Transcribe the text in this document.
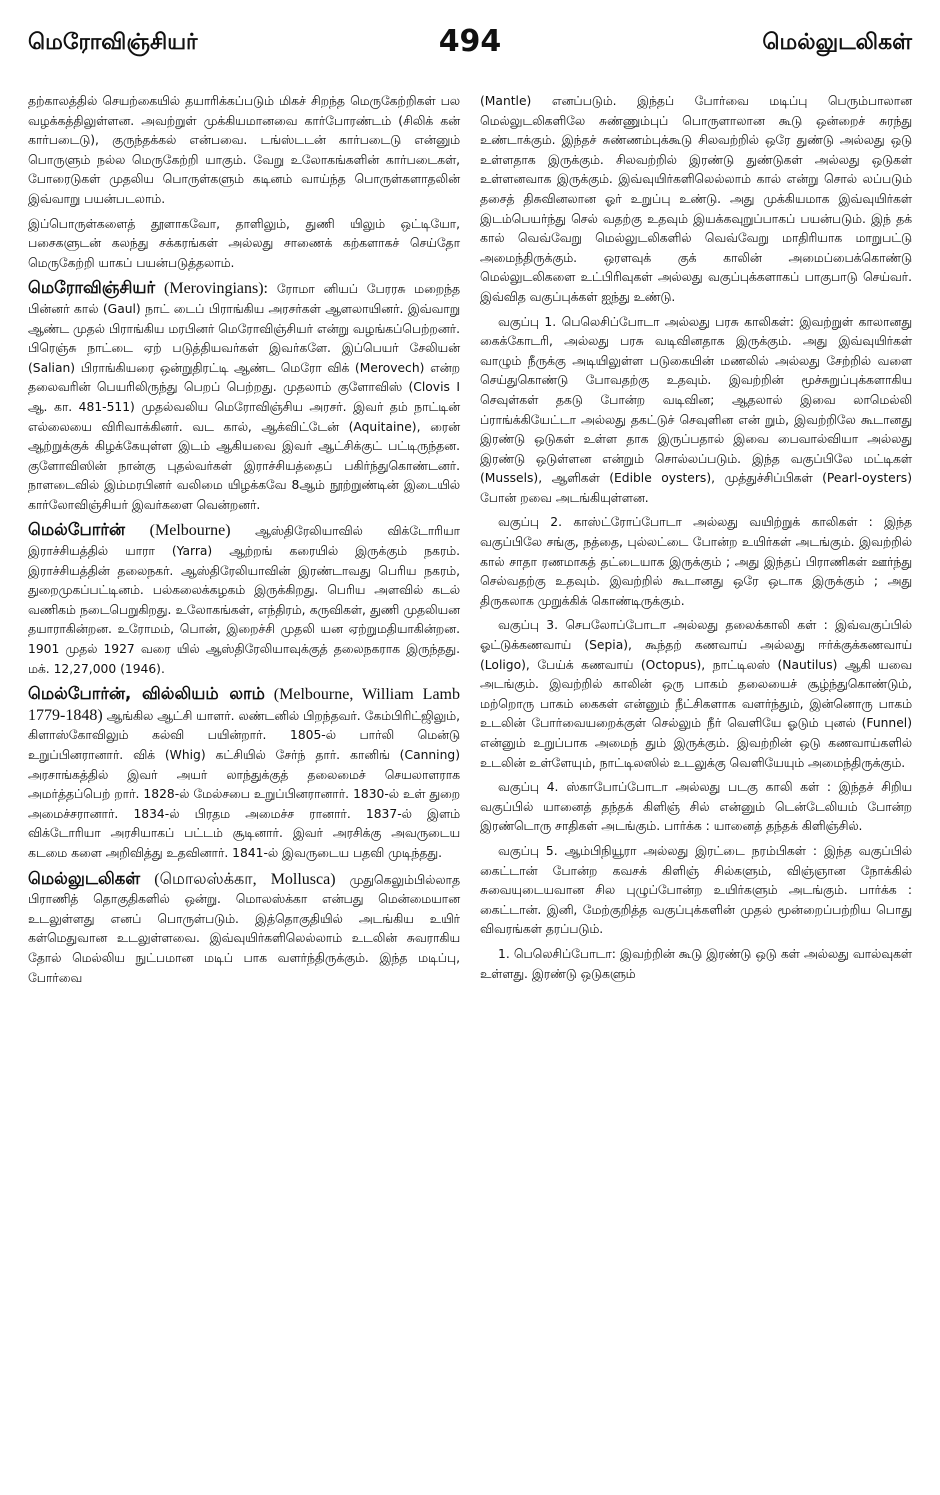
மெரோவிஞ்சியர்	494	மெல்லுடலிகள்

தற்காலத்தில் செயற்கையில் தயாரிக்கப்படும் மிகச் சிறந்த மெருகேற்றிகள் பல வழக்கத்திலுள்ளன. அவற்றுள் முக்கியமானவை கார்போரண்டம் (சிலிக் கன் கார்படைடு), குருந்தக்கல் என்பவை. டங்ஸ்டடன் கார்படைடு என்னும் பொருளும் நல்ல மெருகேற்றி யாகும். வேறு உலோகங்களின் கார்படைகள், போரைடுகள் முதலிய பொருள்களும் கடினம் வாய்ந்த பொருள்களாதலின் இவ்வாறு பயன்படலாம்.

இப்பொருள்களைத் தூளாகவோ, தாளிலும், துணி யிலும் ஒட்டியோ, பசைகளுடன் கலந்து சக்கரங்கள் அல்லது சாணைக் கற்களாகச் செய்தோ மெருகேற்றி யாகப் பயன்படுத்தலாம்.

மெரோவிஞ்சியர் (Merovingians): ரோமா னியப் பேரரசு மறைந்த பின்னர் கால் (Gaul) நாட் டைப் பிராங்கிய அரசர்கள் ஆளலாயினர். இவ்வாறு ஆண்ட முதல் பிராங்கிய மரபினர் மெரோவிஞ்சியர் என்று வழங்கப்பெற்றனர். பிரெஞ்சு நாட்டை ஏற் படுத்தியவர்கள் இவர்களே. இப்பெயர் சேலியன் (Salian) பிராங்கியரை ஒன்றுதிரட்டி ஆண்ட மெரோ விக் (Merovech) என்ற தலைவரின் பெயரிலிருந்து பெறப் பெற்றது. முதலாம் குளோவிஸ் (Clovis I ஆ. கா. 481-511) முதல்வலிய மெரோவிஞ்சிய அரசர். இவர் தம் நாட்டின் எல்லையை விரிவாக்கினர். வட கால், ஆக்விட்டேன் (Aquitaine), ரைன் ஆற்றுக்குக் கிழக்கேயுள்ள இடம் ஆகியவை இவர் ஆட்சிக்குட் பட்டிருந்தன. குளோவிஸின் நான்கு புதல்வர்கள் இராச்சியத்தைப் பகிர்ந்துகொண்டனர். நாளடைவில் இம்மரபினர் வலிமை யிழக்கவே 8ஆம் நூற்றுண்டின் இடையில் கார்லோவிஞ்சியர் இவர்களை வென்றனர்.

மெல்போர்ன் (Melbourne) ஆஸ்திரேலியாவில் விக்டோரியா இராச்சியத்தில் யாரா (Yarra) ஆற்றங் கரையில் இருக்கும் நகரம். இராச்சியத்தின் தலைநகர். ஆஸ்திரேலியாவின் இரண்டாவது பெரிய நகரம், துறைமுகப்பட்டினம். பல்கலைக்கழகம் இருக்கிறது. பெரிய அளவில் கடல் வணிகம் நடைபெறுகிறது. உலோகங்கள், எந்திரம், கருவிகள், துணி முதலியன தயாராகின்றன. உரோமம், பொன், இறைச்சி முதலி யன ஏற்றுமதியாகின்றன. 1901 முதல் 1927 வரை யில் ஆஸ்திரேலியாவுக்குத் தலைநகராக இருந்தது. மக். 12,27,000 (1946).

மெல்போர்ன், வில்லியம் லாம் (Melbourne, William Lamb 1779-1848) ஆங்கில ஆட்சி யாளர். லண்டனில் பிறந்தவர். கேம்பிரிட்ஜிலும், கிளாஸ்கோவிலும் கல்வி பயின்றார். 1805-ல் பார்லி மென்டு உறுப்பினரானார். விக் (Whig) கட்சியில் சேர்ந் தார். கானிங் (Canning) அரசாங்கத்தில் இவர் அயர் லாந்துக்குத் தலைமைச் செயலாளராக அமர்த்தப்பெற் றார். 1828-ல் மேல்சபை உறுப்பினரானார். 1830-ல் உள் துறை அமைச்சரானார். 1834-ல் பிரதம அமைச்ச ரானார். 1837-ல் இளம் விக்டோரியா அரசியாகப் பட்டம் சூடினார். இவர் அரசிக்கு அவருடைய கடமை களை அறிவித்து உதவினார். 1841-ல் இவருடைய பதவி முடிந்தது.

மெல்லுடலிகள் (மொலஸ்க்கா, Mollusca) முதுகெலும்பில்லாத பிராணித் தொகுதிகளில் ஒன்று. மொலஸ்க்கா என்பது மென்மையான உடலுள்ளது எனப் பொருள்படும். இத்தொகுதியில் அடங்கிய உயிர் கள்மெதுவான உடலுள்ளவை. இவ்வுயிர்களிலெல்லாம் உடலின் சுவராகிய தோல் மெல்லிய நுட்பமான மடிப் பாக வளர்ந்திருக்கும். இந்த மடிப்பு, போர்வை

(Mantle) எனப்படும். இந்தப் போர்வை மடிப்பு பெரும்பாலான மெல்லுடலிகளிலே சுண்ணும்புப் பொருளாலான கூடு ஒன்றைச் சுரந்து உண்டாக்கும். இந்தச் சுண்ணம்புக்கூடு சிலவற்றில் ஒரே துண்டு அல்லது ஒடு உள்ளதாக இருக்கும். சிலவற்றில் இரண்டு துண்டுகள் அல்லது ஒடுகள் உள்ளனவாக இருக்கும். இவ்வுயிர்களிலெல்லாம் கால் என்று சொல் லப்படும் தசைத் திசுவினலான ஓர் உறுப்பு உண்டு. அது முக்கியமாக இவ்வுயிர்கள் இடம்பெயர்ந்து செல் வதற்கு உதவும் இயக்கவுறுப்பாகப் பயன்படும். இந் தக் கால் வெவ்வேறு மெல்லுடலிகளில் வெவ்வேறு மாதிரியாக மாறுபட்டு அமைந்திருக்கும். ஒரளவுக் குக் காலின் அமைப்பைக்கொண்டு மெல்லுடலிகளை உட்பிரிவுகள் அல்லது வகுப்புக்களாகப் பாகுபாடு செய்வர். இவ்வித வகுப்புக்கள் ஐந்து உண்டு.

வகுப்பு 1. பெலெசிப்போடா அல்லது பரசு காலிகள்: இவற்றுள் காலானது கைக்கோடரி, அல்லது பரசு வடிவினதாக இருக்கும். அது இவ்வுயிர்கள் வாழும் நீருக்கு அடியிலுள்ள படுகையின் மணலில் அல்லது சேற்றில் வளை செய்துகொண்டு போவதற்கு உதவும். இவற்றின் மூச்சுறுப்புக்களாகிய செவுள்கள் தகடு போன்ற வடிவின; ஆதலால் இவை லாமெல்லி ப்ராங்க்கியேட்டா அல்லது தகட்டுச் செவுளின என் றும், இவற்றிலே கூடானது இரண்டு ஒடுகள் உள்ள தாக இருப்பதால் இவை பைவால்வியா அல்லது இரண்டு ஒடுள்ளன என்றும் சொல்லப்படும். இந்த வகுப்பிலே மட்டிகள் (Mussels), ஆளிகள் (Edible oysters), முத்துச்சிப்பிகள் (Pearl-oysters) போன் றவை அடங்கியுள்ளன.

வகுப்பு 2. காஸ்ட்ரோப்போடா அல்லது வயிற்றுக் காலிகள் : இந்த வகுப்பிலே சங்கு, நத்தை, புல்லட்டை போன்ற உயிர்கள் அடங்கும். இவற்றில் கால் சாதா ரணமாகத் தட்டையாக இருக்கும் ; அது இந்தப் பிராணிகள் ஊர்ந்து செல்வதற்கு உதவும். இவற்றில் கூடானது ஒரே ஒடாக இருக்கும் ; அது திருகலாக முறுக்கிக் கொண்டிருக்கும்.

வகுப்பு 3. செபலோப்போடா அல்லது தலைக்காலி கள் : இவ்வகுப்பில் ஓட்டுக்கணவாய் (Sepia), கூந்தற் கணவாய் அல்லது ஈர்க்குக்கணவாய் (Loligo), பேய்க் கணவாய் (Octopus), நாட்டிலஸ் (Nautilus) ஆகி யவை அடங்கும். இவற்றில் காலின் ஒரு பாகம் தலையைச் சூழ்ந்துகொண்டும், மற்றொரு பாகம் கைகள் என்னும் நீட்சிகளாக வளர்ந்தும், இன்னொரு பாகம் உடலின் போர்வையறைக்குள் செல்லும் நீர் வெளியே ஓடும் புனல் (Funnel) என்னும் உறுப்பாக அமைந் தும் இருக்கும். இவற்றின் ஒடு கணவாய்களில் உடலின் உள்ளேயும், நாட்டிலஸில் உடலுக்கு வெளியேயும் அமைந்திருக்கும்.

வகுப்பு 4. ஸ்காபோப்போடா அல்லது படகு காலி கள் : இந்தச் சிறிய வகுப்பில் யானைத் தந்தக் கிளிஞ் சில் என்னும் டென்டேலியம் போன்ற இரண்டொரு சாதிகள் அடங்கும். பார்க்க : யானைத் தந்தக் கிளிஞ்சில்.

வகுப்பு 5. ஆம்பிநியூரா அல்லது இரட்டை நரம்பிகள் : இந்த வகுப்பில் கைட்டான் போன்ற கவசக் கிளிஞ் சில்களும், விஞ்ஞான நோக்கில் சுவையுடையவான சில புழுப்போன்ற உயிர்களும் அடங்கும். பார்க்க : கைட்டான். இனி, மேற்குறித்த வகுப்புக்களின் முதல் மூன்றைப்பற்றிய பொது விவரங்கள் தரப்படும்.

1. பெலெசிப்போடா: இவற்றின் கூடு இரண்டு ஒடு கள் அல்லது வால்வுகள் உள்ளது. இரண்டு ஒடுகளும்
